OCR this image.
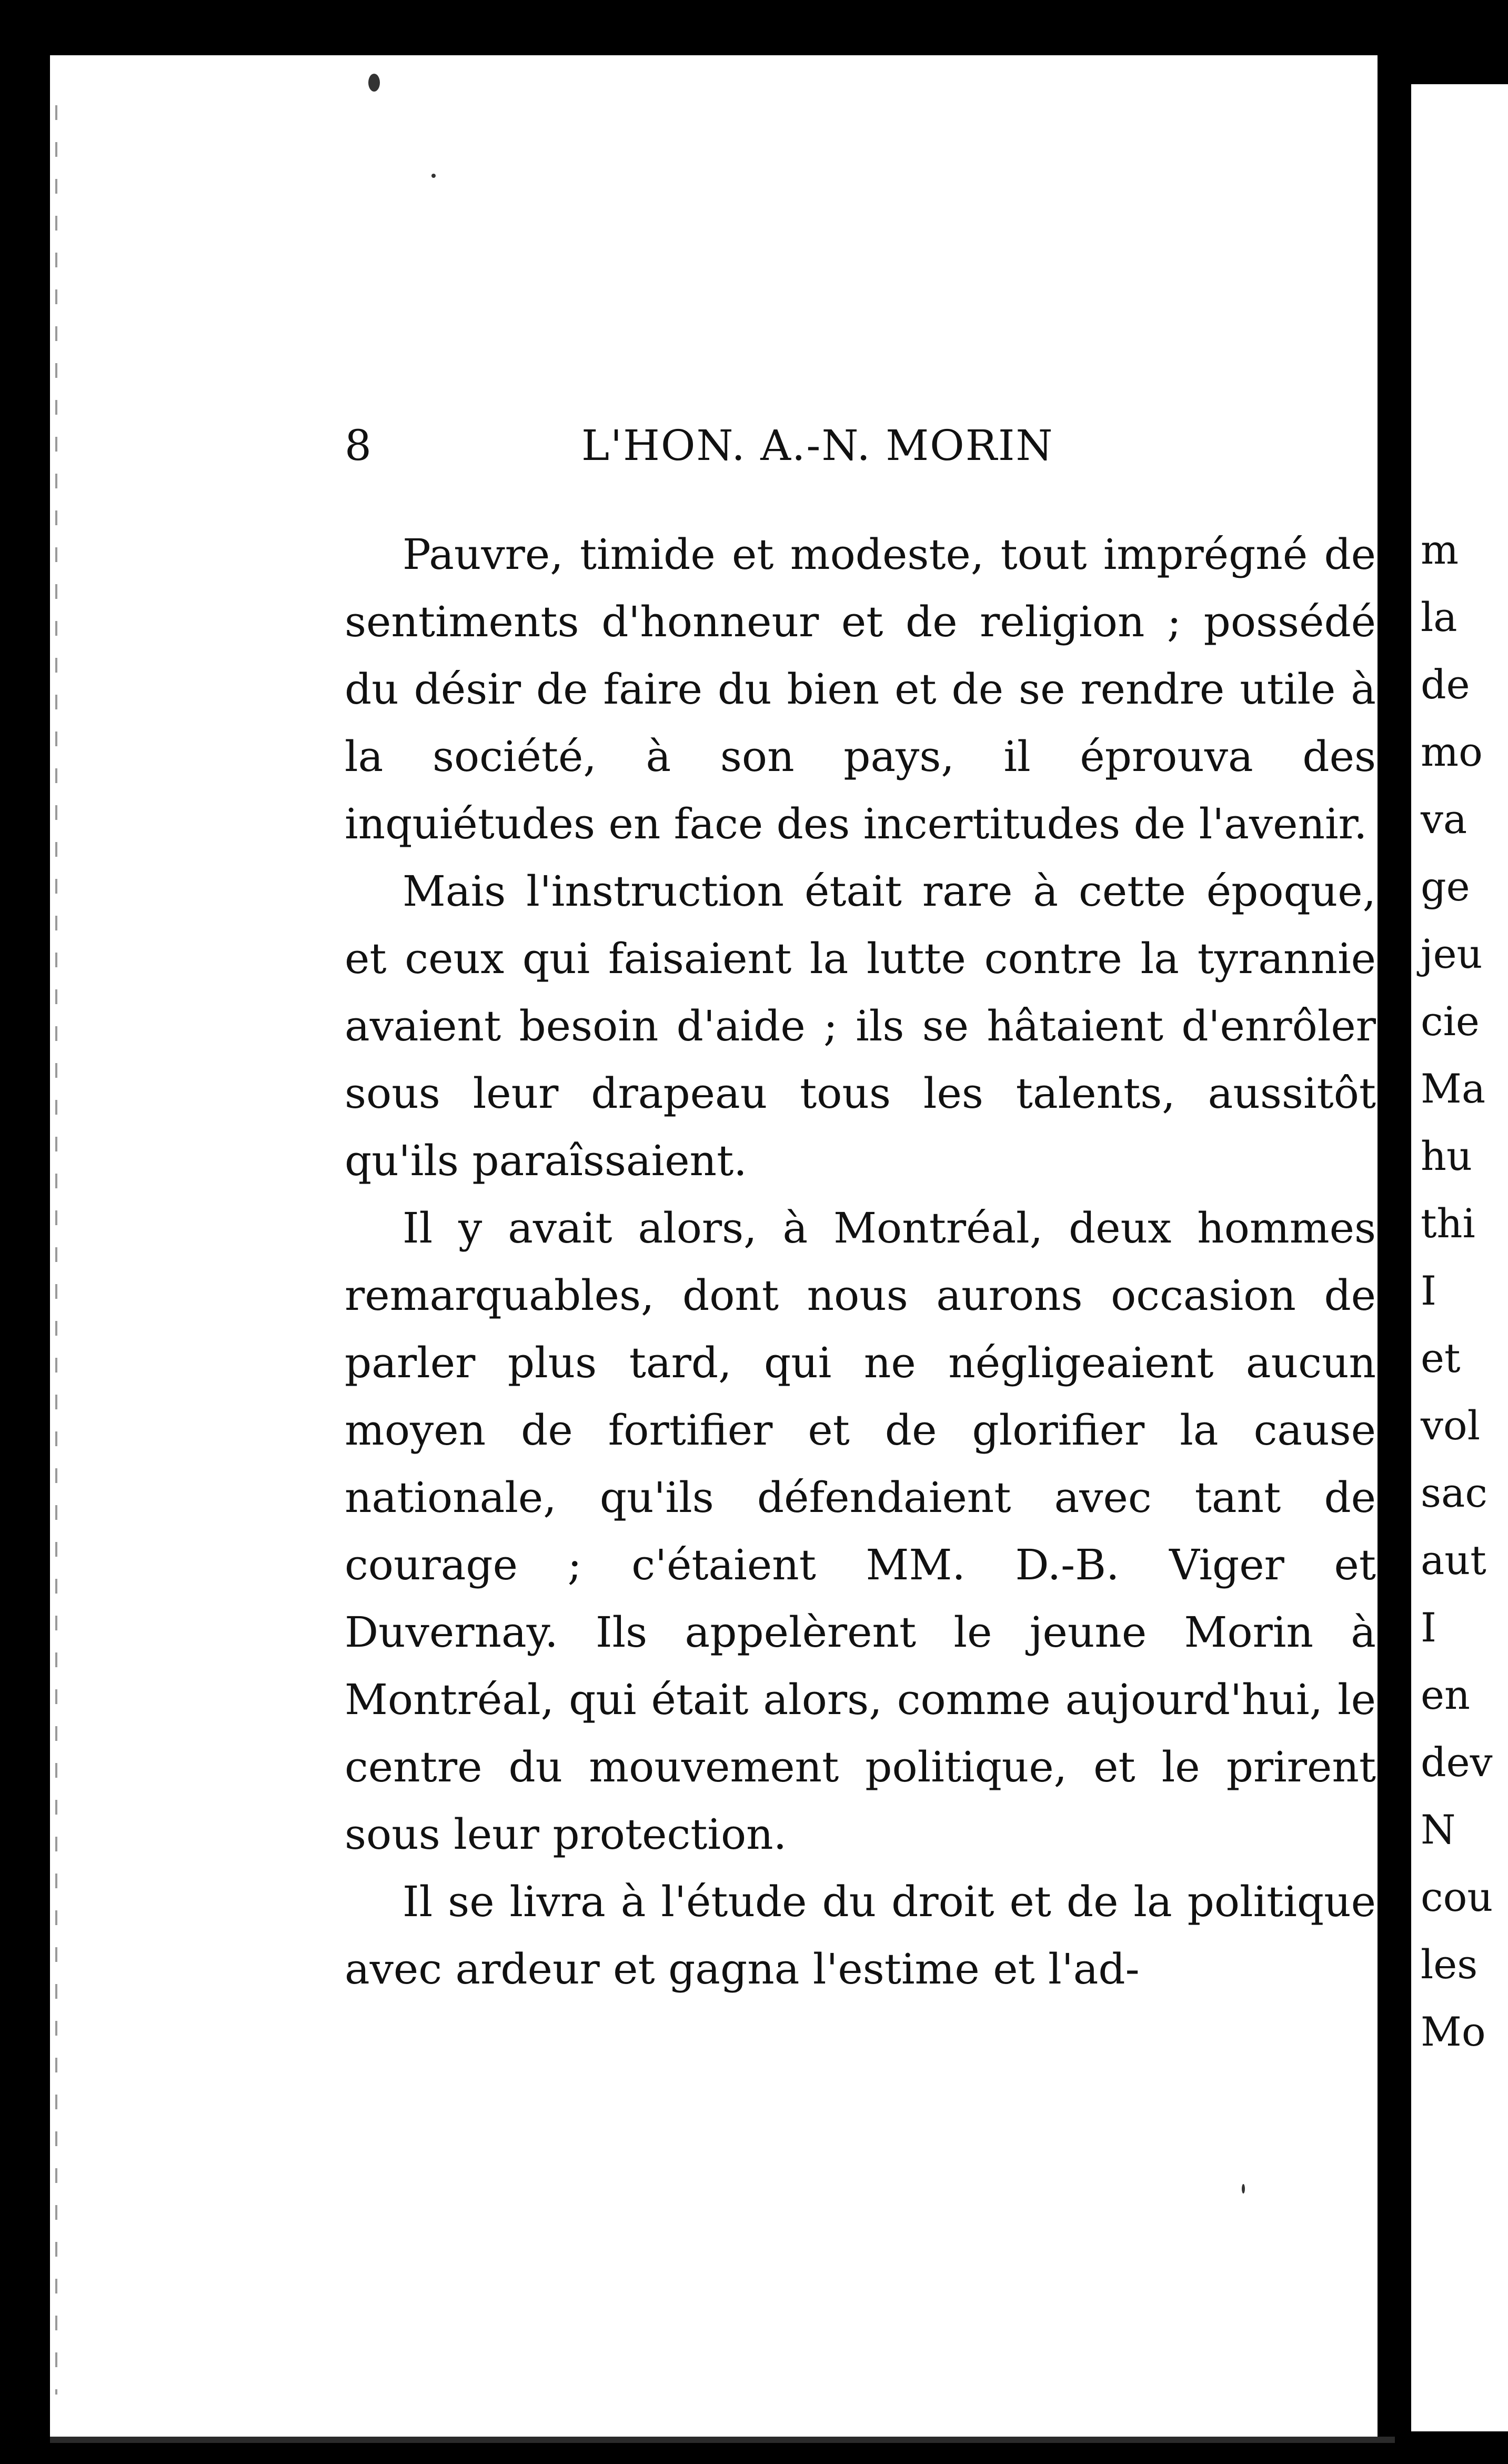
m
la
de
mo
va
ge
jeu
cie
Ma
hu
thi
I
et
vol
sac
aut
I
en
dev
N
cou
les
Mo
8	L'HON. A.-N. MORIN

Pauvre, timide et modeste, tout imprégné de sentiments d'honneur et de religion ; possédé du désir de faire du bien et de se rendre utile à la société, à son pays, il éprouva des inquiétudes en face des incertitudes de l'avenir.

Mais l'instruction était rare à cette époque, et ceux qui faisaient la lutte contre la tyrannie avaient besoin d'aide ; ils se hâtaient d'enrôler sous leur drapeau tous les talents, aussitôt qu'ils paraîssaient.

Il y avait alors, à Montréal, deux hommes remarquables, dont nous aurons occasion de parler plus tard, qui ne négligeaient aucun moyen de fortifier et de glorifier la cause nationale, qu'ils défendaient avec tant de courage ; c'étaient MM. D.-B. Viger et Duvernay. Ils appelèrent le jeune Morin à Montréal, qui était alors, comme aujourd'hui, le centre du mouvement politique, et le prirent sous leur protection.

Il se livra à l'étude du droit et de la politique avec ardeur et gagna l'estime et l'ad-
